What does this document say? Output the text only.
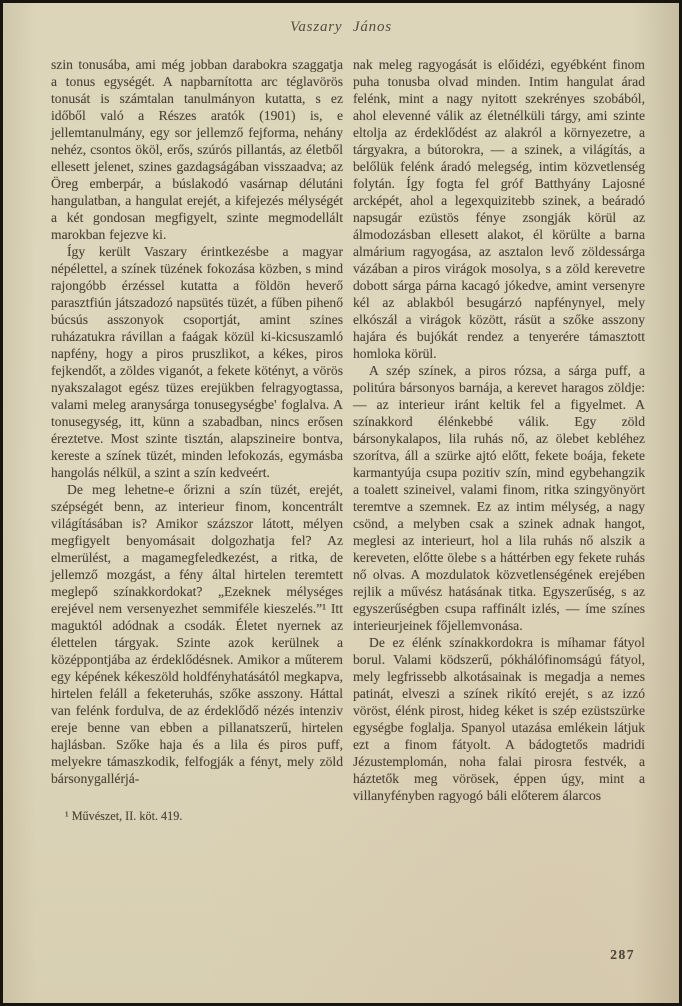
Vaszary János

szin tonusába, ami még jobban darabokra szaggatja a tonus egységét. A napbarnította arc téglavörös tonusát is számtalan tanulmányon kutatta, s ez időből való a Részes aratók (1901) is, e jellemtanulmány, egy sor jellemző fejforma, nehány nehéz, csontos ököl, erős, szúrós pillantás, az életből ellesett jelenet, szines gazdagságában visszaadva; az Öreg emberpár, a búslakodó vasárnap délutáni hangulatban, a hangulat erejét, a kifejezés mélységét a két gondosan megfigyelt, szinte megmodellált marokban fejezve ki.

Így került Vaszary érintkezésbe a magyar népélettel, a színek tüzének fokozása közben, s mind rajongóbb érzéssel kutatta a földön heverő parasztfiún játszadozó napsütés tüzét, a fűben pihenő búcsús asszonyok csoportját, amint szines ruházatukra rávillan a faágak közül ki-kicsuszamló napfény, hogy a piros pruszlikot, a kékes, piros fejkendőt, a zöldes viganót, a fekete kötényt, a vörös nyakszalagot egész tüzes erejükben felragyogtassa, valami meleg aranysárga tonusegységbe' foglalva. A tonusegység, itt, künn a szabadban, nincs erősen éreztetve. Most szinte tisztán, alapszineire bontva, kereste a színek tüzét, minden lefokozás, egymásba hangolás nélkül, a szint a szín kedveért.

De meg lehetne-e őrizni a szín tüzét, erejét, szépségét benn, az interieur finom, koncentrált világításában is? Amikor százszor látott, mélyen megfigyelt benyomásait dolgozhatja fel? Az elmerülést, a magamegfeledkezést, a ritka, de jellemző mozgást, a fény által hirtelen teremtett meglepő színakkordokat? „Ezeknek mélységes erejével nem versenyezhet semmiféle kieszelés.”¹ Itt maguktól adódnak a csodák. Életet nyernek az élettelen tárgyak. Szinte azok kerülnek a középpontjába az érdeklődésnek. Amikor a műterem egy képének kékeszöld holdfényhatásától megkapva, hirtelen feláll a feketeruhás, szőke asszony. Háttal van felénk fordulva, de az érdeklődő nézés intenziv ereje benne van ebben a pillanatszerű, hirtelen hajlásban. Szőke haja és a lila és piros puff, melyekre támaszkodik, felfogják a fényt, mely zöld bársonygallérjá-

¹ Művészet, II. köt. 419.

nak meleg ragyogását is előidézi, egyébként finom puha tonusba olvad minden. Intim hangulat árad felénk, mint a nagy nyitott szekrényes szobából, ahol elevenné válik az életnélküli tárgy, ami szinte eltolja az érdeklődést az alakról a környezetre, a tárgyakra, a bútorokra, — a szinek, a világítás, a belőlük felénk áradó melegség, intim közvetlenség folytán. Így fogta fel gróf Batthyány Lajosné arcképét, ahol a legexquizitebb szinek, a beáradó napsugár ezüstös fénye zsongják körül az álmodozásban ellesett alakot, él körülte a barna almárium ragyogása, az asztalon levő zöldessárga vázában a piros virágok mosolya, s a zöld kerevetre dobott sárga párna kacagó jókedve, amint versenyre kél az ablakból besugárzó napfénynyel, mely elkószál a virágok között, rásüt a szőke asszony hajára és bujókát rendez a tenyerére támasztott homloka körül.

A szép színek, a piros rózsa, a sárga puff, a politúra bársonyos barnája, a kerevet haragos zöldje: — az interieur iránt keltik fel a figyelmet. A színakkord élénkebbé válik. Egy zöld bársonykalapos, lila ruhás nő, az ölebet kebléhez szorítva, áll a szürke ajtó előtt, fekete boája, fekete karmantyúja csupa pozitiv szín, mind egybehangzik a toalett szineivel, valami finom, ritka szingyönyört teremtve a szemnek. Ez az intim mélység, a nagy csönd, a melyben csak a szinek adnak hangot, meglesi az interieurt, hol a lila ruhás nő alszik a kereveten, előtte ölebe s a háttérben egy fekete ruhás nő olvas. A mozdulatok közvetlenségének erejében rejlik a művész hatásának titka. Egyszerűség, s az egyszerűségben csupa raffinált izlés, — íme színes interieurjeinek főjellemvonása.

De ez élénk színakkordokra is míhamar fátyol borul. Valami ködszerű, pókhálófinomságú fátyol, mely legfrissebb alkotásainak is megadja a nemes patinát, elveszi a színek rikító erejét, s az izzó vöröst, élénk pirost, hideg kéket is szép ezüstszürke egységbe foglalja. Spanyol utazása emlékein látjuk ezt a finom fátyolt. A bádogtetős madridi Jézustemplomán, noha falai pirosra festvék, a háztetők meg vörösek, éppen úgy, mint a villanyfényben ragyogó báli előterem álarcos

287
